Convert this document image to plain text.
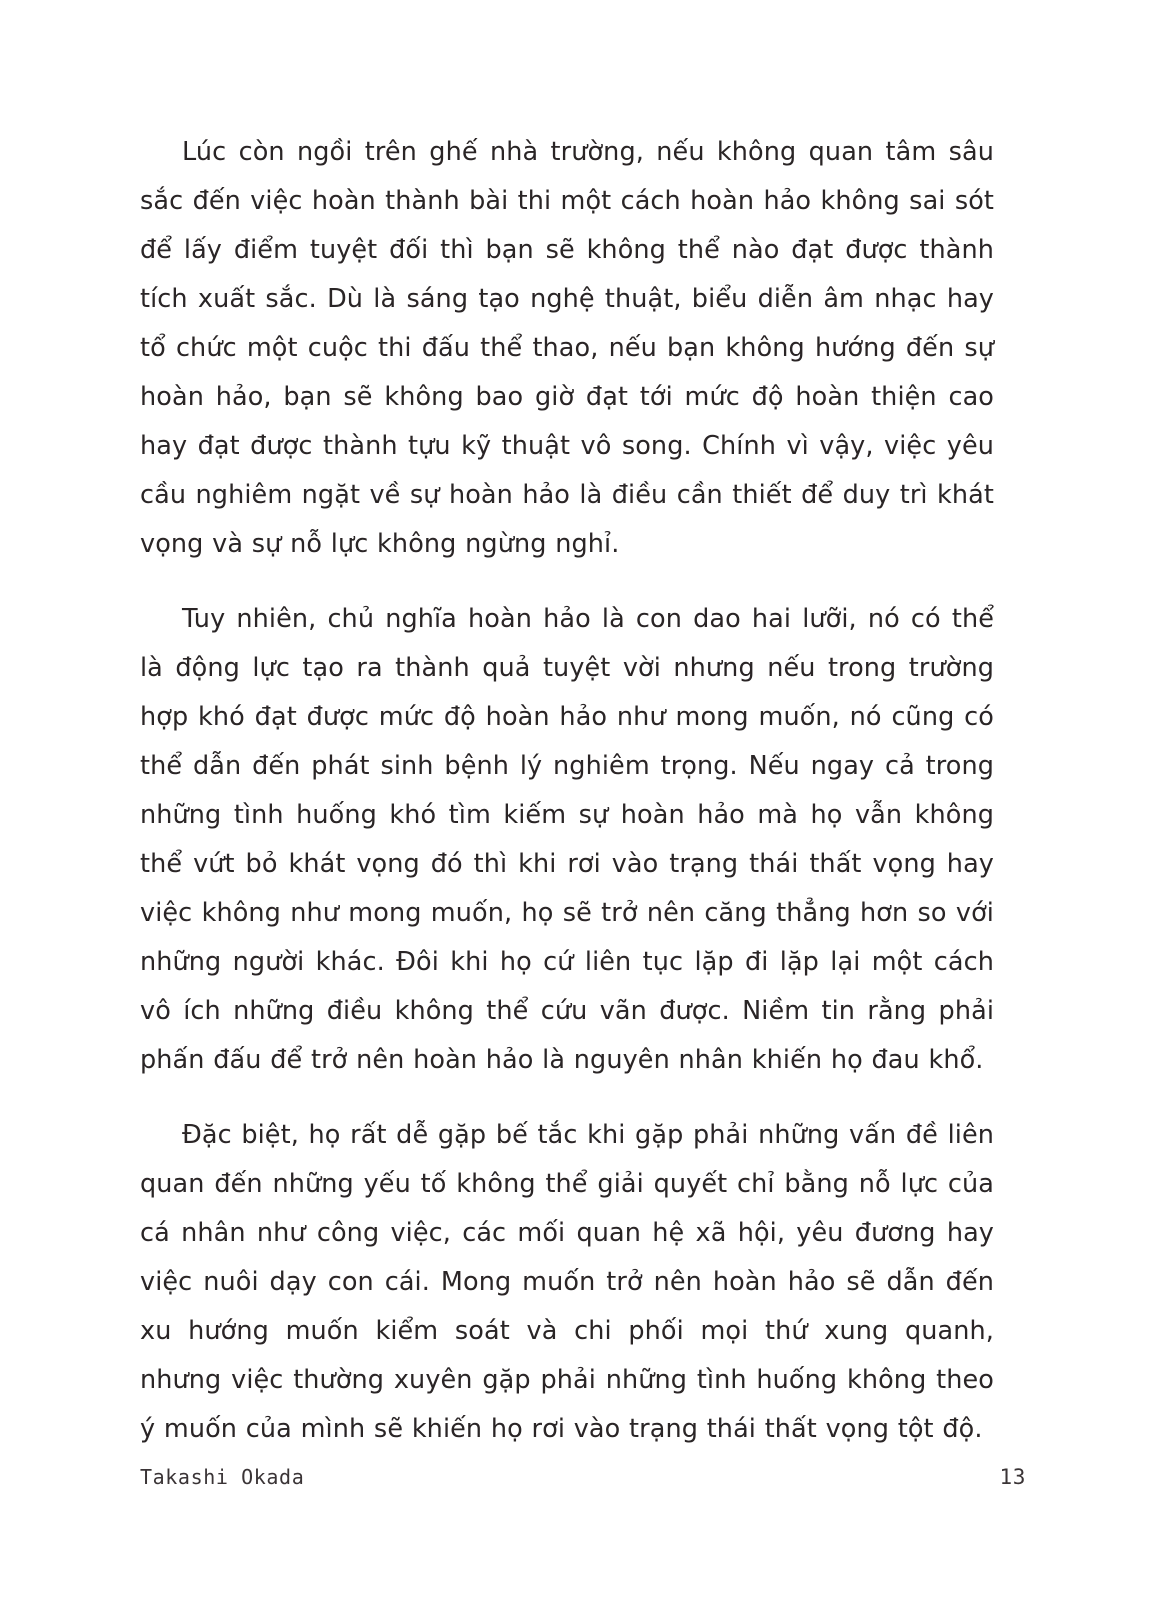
Lúc còn ngồi trên ghế nhà trường, nếu không quan tâm sâu sắc đến việc hoàn thành bài thi một cách hoàn hảo không sai sót để lấy điểm tuyệt đối thì bạn sẽ không thể nào đạt được thành tích xuất sắc. Dù là sáng tạo nghệ thuật, biểu diễn âm nhạc hay tổ chức một cuộc thi đấu thể thao, nếu bạn không hướng đến sự hoàn hảo, bạn sẽ không bao giờ đạt tới mức độ hoàn thiện cao hay đạt được thành tựu kỹ thuật vô song. Chính vì vậy, việc yêu cầu nghiêm ngặt về sự hoàn hảo là điều cần thiết để duy trì khát vọng và sự nỗ lực không ngừng nghỉ.

Tuy nhiên, chủ nghĩa hoàn hảo là con dao hai lưỡi, nó có thể là động lực tạo ra thành quả tuyệt vời nhưng nếu trong trường hợp khó đạt được mức độ hoàn hảo như mong muốn, nó cũng có thể dẫn đến phát sinh bệnh lý nghiêm trọng. Nếu ngay cả trong những tình huống khó tìm kiếm sự hoàn hảo mà họ vẫn không thể vứt bỏ khát vọng đó thì khi rơi vào trạng thái thất vọng hay việc không như mong muốn, họ sẽ trở nên căng thẳng hơn so với những người khác. Đôi khi họ cứ liên tục lặp đi lặp lại một cách vô ích những điều không thể cứu vãn được. Niềm tin rằng phải phấn đấu để trở nên hoàn hảo là nguyên nhân khiến họ đau khổ.

Đặc biệt, họ rất dễ gặp bế tắc khi gặp phải những vấn đề liên quan đến những yếu tố không thể giải quyết chỉ bằng nỗ lực của cá nhân như công việc, các mối quan hệ xã hội, yêu đương hay việc nuôi dạy con cái. Mong muốn trở nên hoàn hảo sẽ dẫn đến xu hướng muốn kiểm soát và chi phối mọi thứ xung quanh, nhưng việc thường xuyên gặp phải những tình huống không theo ý muốn của mình sẽ khiến họ rơi vào trạng thái thất vọng tột độ.

Takashi Okada	13
